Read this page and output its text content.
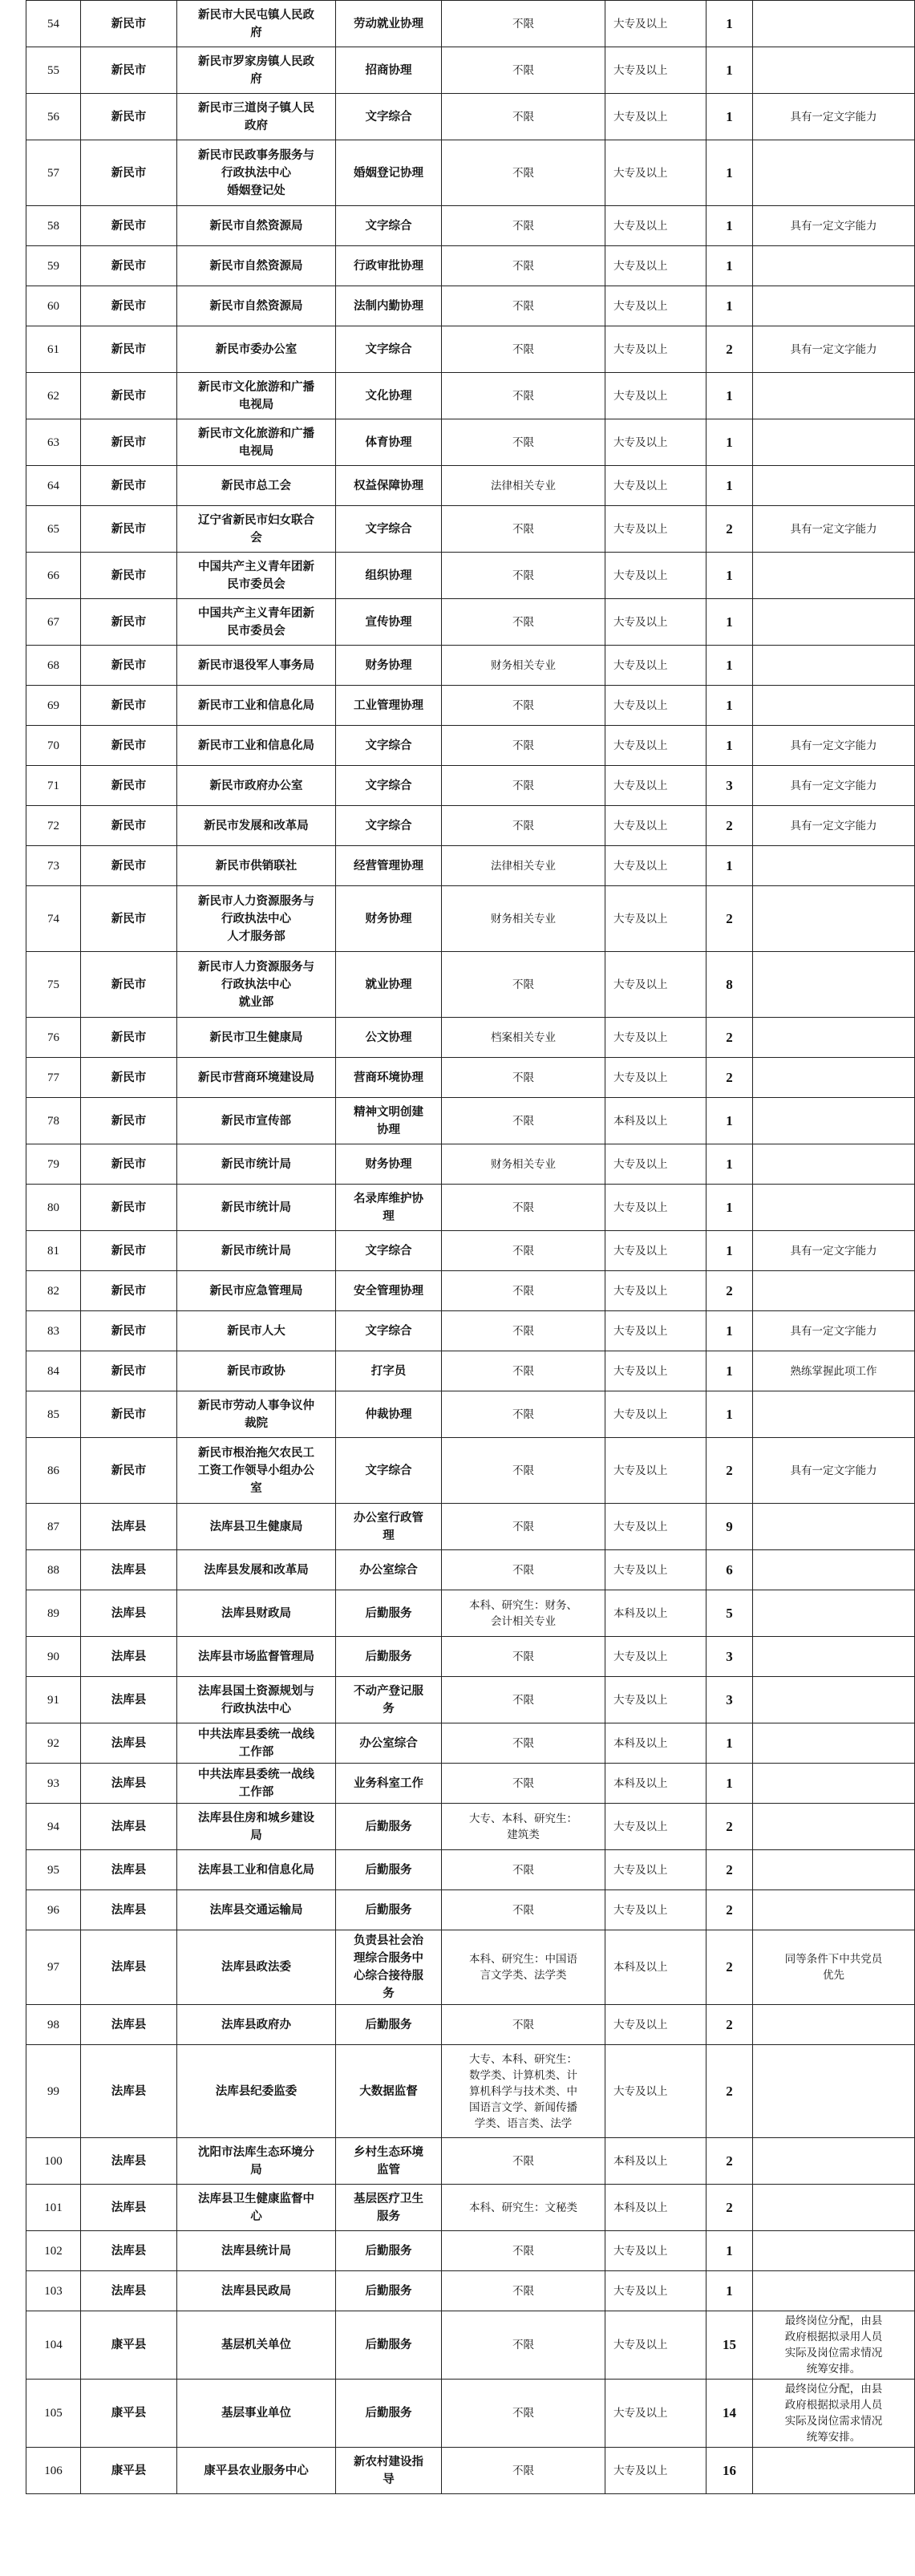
54	新民市	新民市大民屯镇人民政
府	劳动就业协理	不限	大专及以上	1	
55	新民市	新民市罗家房镇人民政
府	招商协理	不限	大专及以上	1	
56	新民市	新民市三道岗子镇人民
政府	文字综合	不限	大专及以上	1	具有一定文字能力
57	新民市	新民市民政事务服务与
行政执法中心
婚姻登记处	婚姻登记协理	不限	大专及以上	1	
58	新民市	新民市自然资源局	文字综合	不限	大专及以上	1	具有一定文字能力
59	新民市	新民市自然资源局	行政审批协理	不限	大专及以上	1	
60	新民市	新民市自然资源局	法制内勤协理	不限	大专及以上	1	
61	新民市	新民市委办公室	文字综合	不限	大专及以上	2	具有一定文字能力
62	新民市	新民市文化旅游和广播
电视局	文化协理	不限	大专及以上	1	
63	新民市	新民市文化旅游和广播
电视局	体育协理	不限	大专及以上	1	
64	新民市	新民市总工会	权益保障协理	法律相关专业	大专及以上	1	
65	新民市	辽宁省新民市妇女联合
会	文字综合	不限	大专及以上	2	具有一定文字能力
66	新民市	中国共产主义青年团新
民市委员会	组织协理	不限	大专及以上	1	
67	新民市	中国共产主义青年团新
民市委员会	宣传协理	不限	大专及以上	1	
68	新民市	新民市退役军人事务局	财务协理	财务相关专业	大专及以上	1	
69	新民市	新民市工业和信息化局	工业管理协理	不限	大专及以上	1	
70	新民市	新民市工业和信息化局	文字综合	不限	大专及以上	1	具有一定文字能力
71	新民市	新民市政府办公室	文字综合	不限	大专及以上	3	具有一定文字能力
72	新民市	新民市发展和改革局	文字综合	不限	大专及以上	2	具有一定文字能力
73	新民市	新民市供销联社	经营管理协理	法律相关专业	大专及以上	1	
74	新民市	新民市人力资源服务与
行政执法中心
人才服务部	财务协理	财务相关专业	大专及以上	2	
75	新民市	新民市人力资源服务与
行政执法中心
就业部	就业协理	不限	大专及以上	8	
76	新民市	新民市卫生健康局	公文协理	档案相关专业	大专及以上	2	
77	新民市	新民市营商环境建设局	营商环境协理	不限	大专及以上	2	
78	新民市	新民市宣传部	精神文明创建
协理	不限	本科及以上	1	
79	新民市	新民市统计局	财务协理	财务相关专业	大专及以上	1	
80	新民市	新民市统计局	名录库维护协
理	不限	大专及以上	1	
81	新民市	新民市统计局	文字综合	不限	大专及以上	1	具有一定文字能力
82	新民市	新民市应急管理局	安全管理协理	不限	大专及以上	2	
83	新民市	新民市人大	文字综合	不限	大专及以上	1	具有一定文字能力
84	新民市	新民市政协	打字员	不限	大专及以上	1	熟练掌握此项工作
85	新民市	新民市劳动人事争议仲
裁院	仲裁协理	不限	大专及以上	1	
86	新民市	新民市根治拖欠农民工
工资工作领导小组办公
室	文字综合	不限	大专及以上	2	具有一定文字能力
87	法库县	法库县卫生健康局	办公室行政管
理	不限	大专及以上	9	
88	法库县	法库县发展和改革局	办公室综合	不限	大专及以上	6	
89	法库县	法库县财政局	后勤服务	本科、研究生：财务、
会计相关专业	本科及以上	5	
90	法库县	法库县市场监督管理局	后勤服务	不限	大专及以上	3	
91	法库县	法库县国土资源规划与
行政执法中心	不动产登记服
务	不限	大专及以上	3	
92	法库县	中共法库县委统一战线
工作部	办公室综合	不限	本科及以上	1	
93	法库县	中共法库县委统一战线
工作部	业务科室工作	不限	本科及以上	1	
94	法库县	法库县住房和城乡建设
局	后勤服务	大专、本科、研究生：
建筑类	大专及以上	2	
95	法库县	法库县工业和信息化局	后勤服务	不限	大专及以上	2	
96	法库县	法库县交通运输局	后勤服务	不限	大专及以上	2	
97	法库县	法库县政法委	负责县社会治
理综合服务中
心综合接待服
务	本科、研究生：中国语
言文学类、法学类	本科及以上	2	同等条件下中共党员
优先
98	法库县	法库县政府办	后勤服务	不限	大专及以上	2	
99	法库县	法库县纪委监委	大数据监督	大专、本科、研究生：
数学类、计算机类、计
算机科学与技术类、中
国语言文学、新闻传播
学类、语言类、法学	大专及以上	2	
100	法库县	沈阳市法库生态环境分
局	乡村生态环境
监管	不限	本科及以上	2	
101	法库县	法库县卫生健康监督中
心	基层医疗卫生
服务	本科、研究生：文秘类	本科及以上	2	
102	法库县	法库县统计局	后勤服务	不限	大专及以上	1	
103	法库县	法库县民政局	后勤服务	不限	大专及以上	1	
104	康平县	基层机关单位	后勤服务	不限	大专及以上	15	最终岗位分配，由县
政府根据拟录用人员
实际及岗位需求情况
统筹安排。
105	康平县	基层事业单位	后勤服务	不限	大专及以上	14	最终岗位分配，由县
政府根据拟录用人员
实际及岗位需求情况
统筹安排。
106	康平县	康平县农业服务中心	新农村建设指
导	不限	大专及以上	16	
